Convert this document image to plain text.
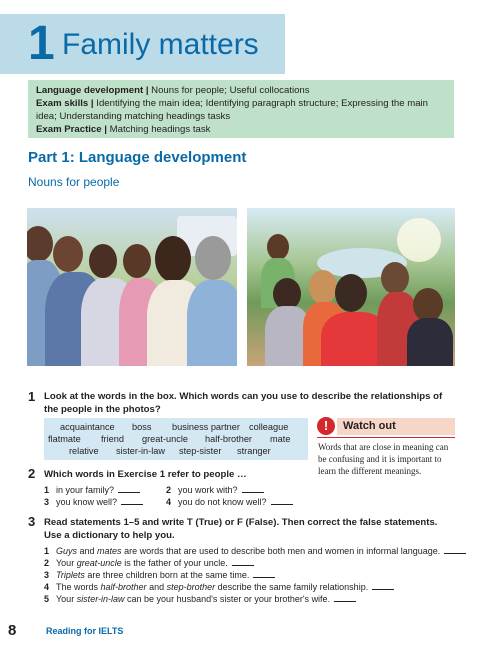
1 Family matters
Language development | Nouns for people; Useful collocations
Exam skills | Identifying the main idea; Identifying paragraph structure; Expressing the main idea; Understanding matching headings tasks
Exam Practice | Matching headings task
Part 1: Language development
Nouns for people
1 Look at the words in the box. Which words can you use to describe the relationships of the people in the photos?
acquaintance boss business partner colleague
flatmate friend great-uncle half-brother mate
relative sister-in-law step-sister stranger
!	Watch out
Words that are close in meaning can be confusing and it is important to learn the different meanings.
2 Which words in Exercise 1 refer to people …
1 in your family?	2 you work with?
3 you know well?	4 you do not know well?
3 Read statements 1–5 and write T (True) or F (False). Then correct the false statements. Use a dictionary to help you.
1 Guys and mates are words that are used to describe both men and women in informal language.
2 Your great-uncle is the father of your uncle.
3 Triplets are three children born at the same time.
4 The words half-brother and step-brother describe the same family relationship.
5 Your sister-in-law can be your husband's sister or your brother's wife.
8	Reading for IELTS
